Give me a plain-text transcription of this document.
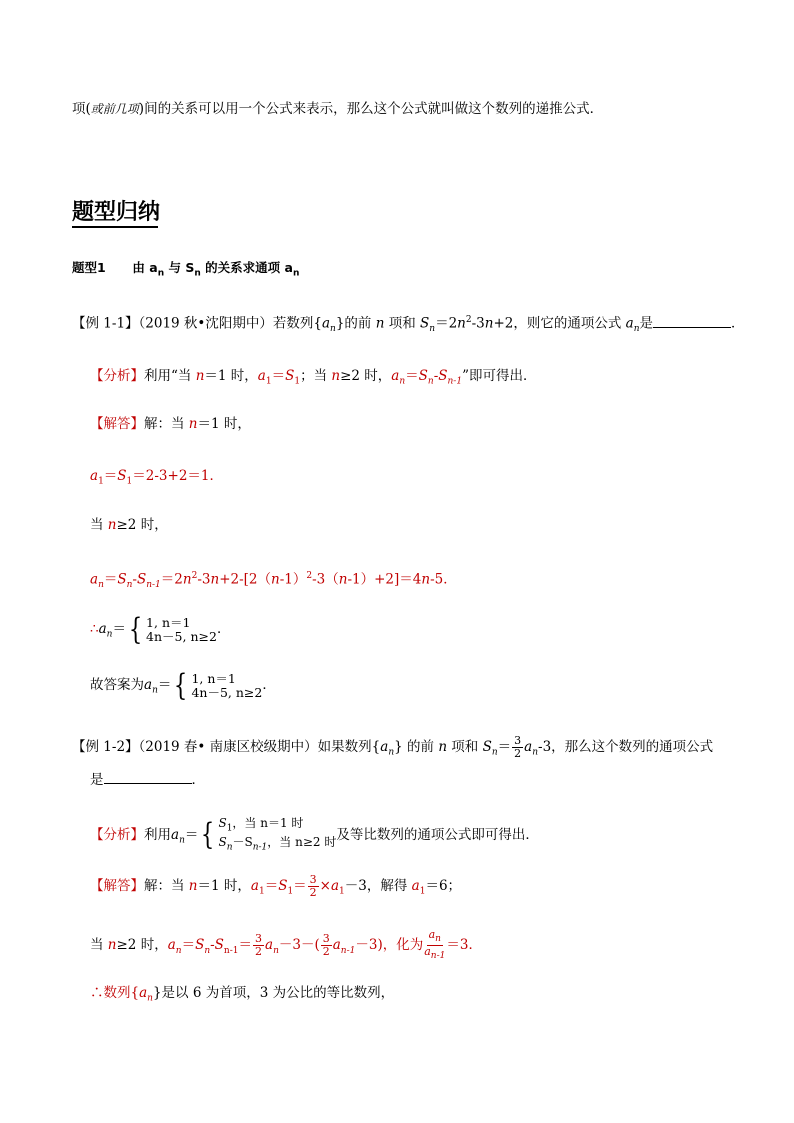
项(或前几项)间的关系可以用一个公式来表示，那么这个公式就叫做这个数列的递推公式．
题型归纳
题型1 由 $a_n$ 与 $S_n$ 的关系求通项 $a_n$
【例 1-1】（2019 秋•沈阳期中）若数列$\{a_n\}$的前 n 项和 $S_n=2n^2-3n+2$，则它的通项公式 $a_n$是	．
【分析】利用“当 n＝1 时，$a_1=S_1$；当 n≥2 时，$a_n=S_n-S_{n-1}$”即可得出．
【解答】解：当 n＝1 时，
$a_1=S_1=2-3+2=1$．
当 n≥2 时，
$a_n=S_n-S_{n-1}=2n^2-3n+2-[2(n-1)^2-3(n-1)+2]=4n-5$．
$\therefore a_n=$ { 1, n＝1
4n－5, n≥2 ．
故答案为$a_n=$ { 1, n＝1
4n－5, n≥2 ．
【例 1-2】（2019 春• 南康区校级期中）如果数列$\{a_n\}$ 的前 n 项和 $S_n= \frac{3}{2} a_n-3$，那么这个数列的通项公式
是	．
【分析】利用$a_n=$ { $S_1$，当 n＝1 时
$S_n-S_{n-1}$，当 n≥2 时 及等比数列的通项公式即可得出．
【解答】解：当 n＝1 时，$a_1=S_1= \frac{3}{2} \times a_1-3$，解得 $a_1=6$；
当 n≥2 时，$a_n=S_n-S_{n-1}= \frac{3}{2} a_n-3-( \frac{3}{2} a_{n-1}-3)$，化为 $\frac{a_n}{a_{n-1}} =3$．
∴数列$\{a_n\}$是以 6 为首项，3 为公比的等比数列，
